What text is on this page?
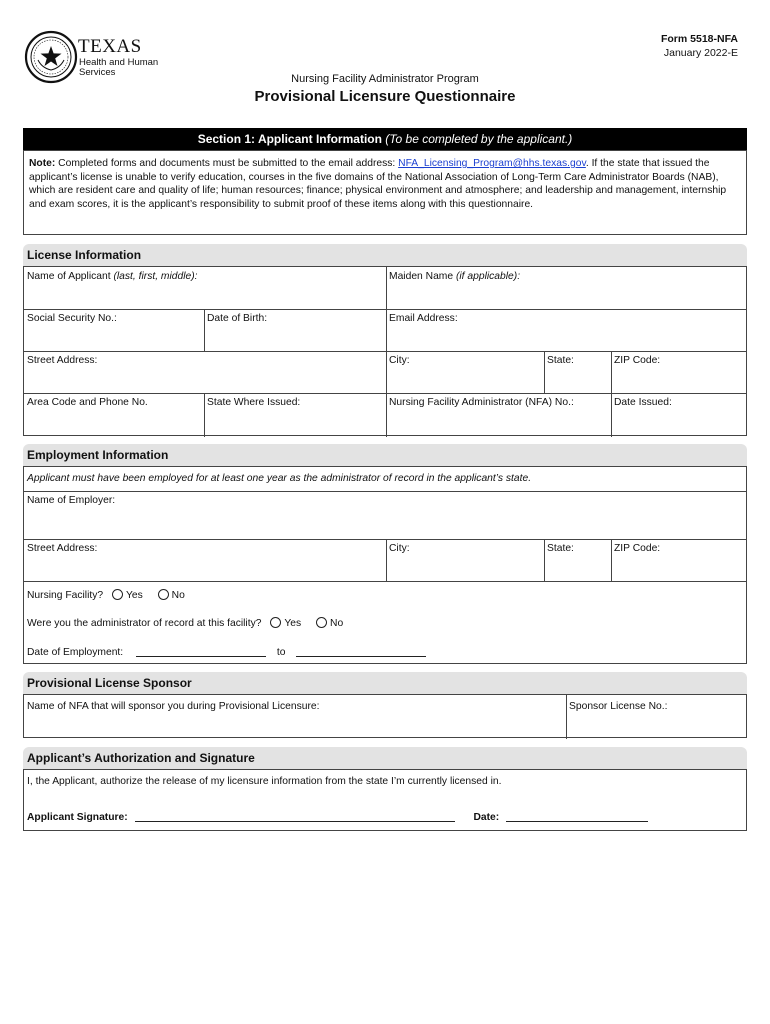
TEXAS
Health and Human
Services
Form 5518-NFA
January 2022-E
Nursing Facility Administrator Program
Provisional Licensure Questionnaire
Section 1: Applicant Information (To be completed by the applicant.)
Note: Completed forms and documents must be submitted to the email address: NFA_Licensing_Program@hhs.texas.gov. If the state that issued the applicant’s license is unable to verify education, courses in the five domains of the National Association of Long-Term Care Administrator Boards (NAB), which are resident care and quality of life; human resources; finance; physical environment and atmosphere; and leadership and management, internship and exam scores, it is the applicant’s responsibility to submit proof of these items along with this questionnaire.
License Information
Name of Applicant (last, first, middle):	Maiden Name (if applicable):
Social Security No.:	Date of Birth:	Email Address:
Street Address:	City:	State:	ZIP Code:
Area Code and Phone No.	State Where Issued:	Nursing Facility Administrator (NFA) No.:	Date Issued:
Employment Information
Applicant must have been employed for at least one year as the administrator of record in the applicant’s state.
Name of Employer:
Street Address:	City:	State:	ZIP Code:
Nursing Facility? Yes	No
Were you the administrator of record at this facility? Yes	No
Date of Employment:	to
Provisional License Sponsor
Name of NFA that will sponsor you during Provisional Licensure:	Sponsor License No.:
Applicant’s Authorization and Signature
I, the Applicant, authorize the release of my licensure information from the state I’m currently licensed in.
Applicant Signature:	Date:
